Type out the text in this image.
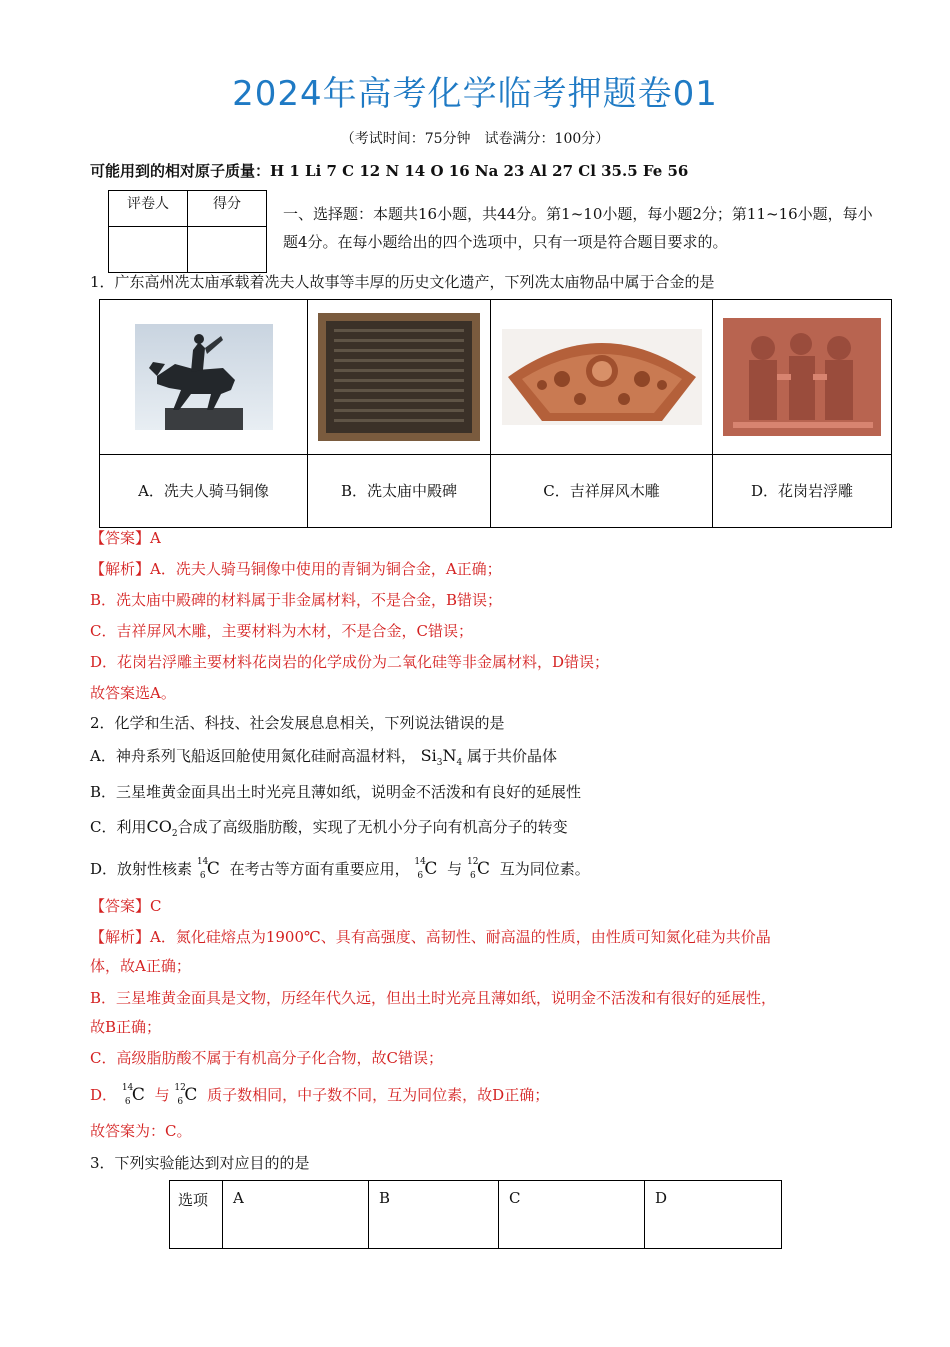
2024年高考化学临考押题卷01
（考试时间：75分钟　试卷满分：100分）
可能用到的相对原子质量：H 1 Li 7 C 12 N 14 O 16 Na 23 Al 27 Cl 35.5 Fe 56
评卷人	得分

一、选择题：本题共16小题，共44分。第1~10小题，每小题2分；第11~16小题，每小题4分。在每小题给出的四个选项中，只有一项是符合题目要求的。
1．广东高州冼太庙承载着冼夫人故事等丰厚的历史文化遗产，下列冼太庙物品中属于合金的是

A．冼夫人骑马铜像	B．冼太庙中殿碑	C．吉祥屏风木雕	D．花岗岩浮雕
【答案】A
【解析】A．冼夫人骑马铜像中使用的青铜为铜合金，A正确；
B．冼太庙中殿碑的材料属于非金属材料，不是合金，B错误；
C．吉祥屏风木雕，主要材料为木材，不是合金，C错误；
D．花岗岩浮雕主要材料花岗岩的化学成份为二氧化硅等非金属材料，D错误；
故答案选A。
2．化学和生活、科技、社会发展息息相关，下列说法错误的是
A．神舟系列飞船返回舱使用氮化硅耐高温材料， $Si_3N_4$ 属于共价晶体
B．三星堆黄金面具出土时光亮且薄如纸，说明金不活泼和有良好的延展性
C．利用$CO_2$合成了高级脂肪酸，实现了无机小分子向有机高分子的转变
D．放射性核素 14
6 C 在考古等方面有重要应用， 14
6 C 与 12
6 C 互为同位素。
【答案】C
【解析】A．氮化硅熔点为1900℃、具有高强度、高韧性、耐高温的性质，由性质可知氮化硅为共价晶
体，故A正确；
B．三星堆黄金面具是文物，历经年代久远，但出土时光亮且薄如纸，说明金不活泼和有很好的延展性，
故B正确；
C．高级脂肪酸不属于有机高分子化合物，故C错误；
D． 14
6 C 与 12
6 C 质子数相同，中子数不同，互为同位素，故D正确；
故答案为：C。
3．下列实验能达到对应目的的是
选项	A	B	C	D
